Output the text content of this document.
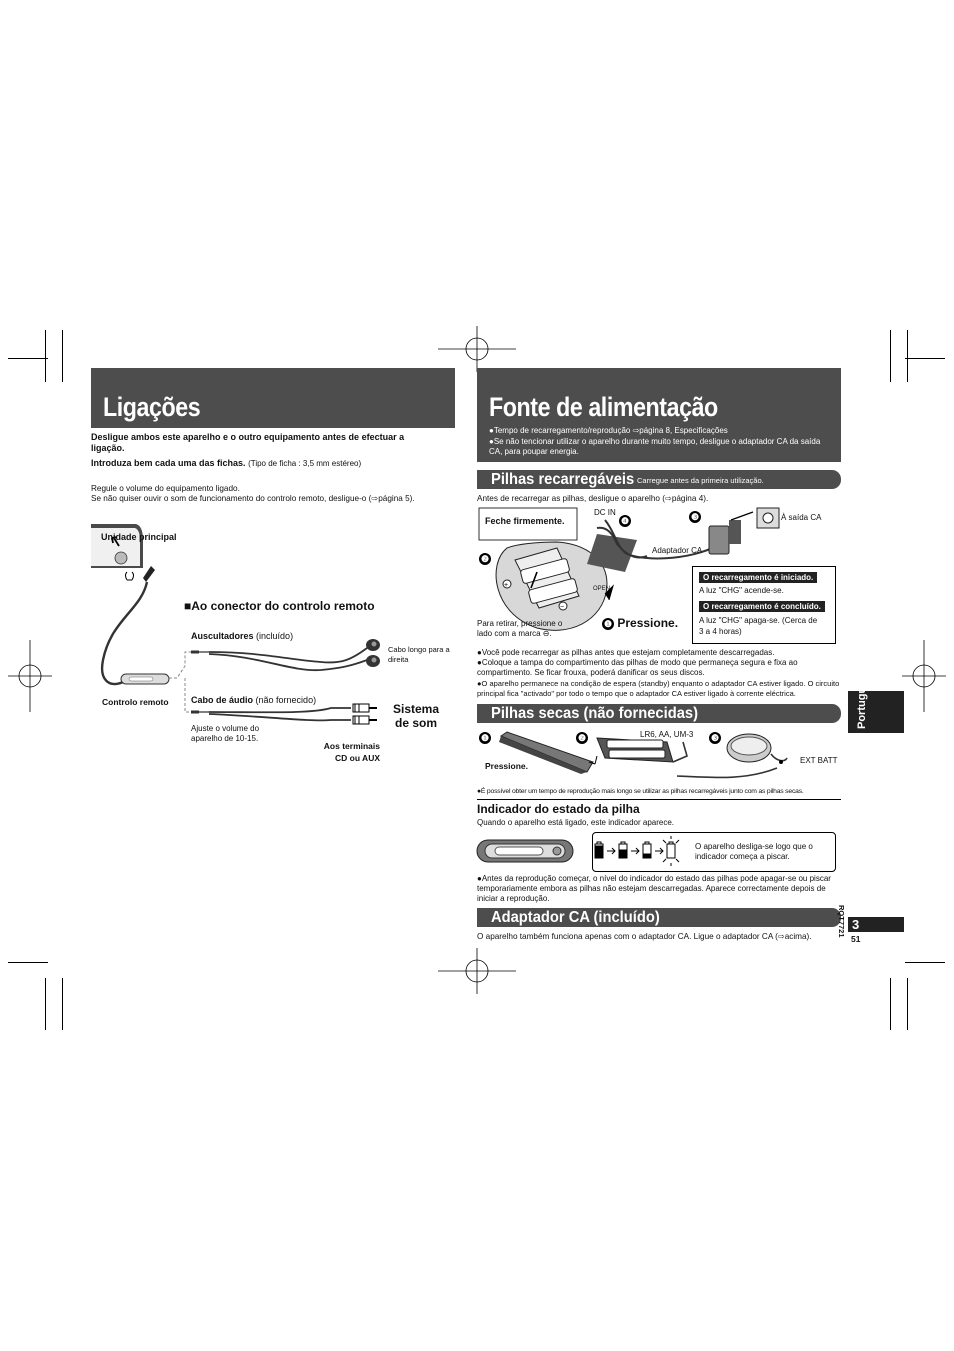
Ligações
Desligue ambos este aparelho e o outro equipamento antes de efectuar a ligação.
Introduza bem cada uma das fichas. (Tipo de ficha : 3,5 mm estéreo)
Regule o volume do equipamento ligado.
Se não quiser ouvir o som de funcionamento do controlo remoto, desligue-o (⇨página 5).
Unidade principal
■Ao conector do controlo remoto
Auscultadores (incluído)
Cabo longo para a direita
Controlo remoto Cabo de áudio (não fornecido)
Sistema de som
Ajuste o volume do aparelho de 10-15.
Aos terminais CD ou AUX
Fonte de alimentação
●Tempo de recarregamento/reprodução ⇨página 8, Especificações
●Se não tencionar utilizar o aparelho durante muito tempo, desligue o adaptador CA da saída CA, para poupar energia.
Pilhas recarregáveis Carregue antes da primeira utilização.
Antes de recarregar as pilhas, desligue o aparelho (⇨página 4).
+
−
Feche firmemente.
DC IN
❹
Adaptador CA
❸	À saída CA
❷
OPEN
❶ Pressione.
Para retirar, pressione o lado com a marca ⊖.
O recarregamento é iniciado.
A luz "CHG" acende-se.
O recarregamento é concluído.
A luz "CHG" apaga-se. (Cerca de 3 a 4 horas)
●Você pode recarregar as pilhas antes que estejam completamente descarregadas.
●Coloque a tampa do compartimento das pilhas de modo que permaneça segura e fixa ao compartimento. Se ficar frouxa, poderá danificar os seus discos.
●O aparelho permanece na condição de espera (standby) enquanto o adaptador CA estiver ligado. O circuito principal fica "activado" por todo o tempo que o adaptador CA estiver ligado à corrente eléctrica.
Pilhas secas (não fornecidas)
❶	❷	LR6, AA, UM-3 ❸
Pressione.
EXT BATT
●É possível obter um tempo de reprodução mais longo se utilizar as pilhas recarregáveis junto com as pilhas secas.
Indicador do estado da pilha
Quando o aparelho está ligado, este indicador aparece.
O aparelho desliga-se logo que o indicador começa a piscar.
●Antes da reprodução começar, o nível do indicador do estado das pilhas pode apagar-se ou piscar temporariamente embora as pilhas não estejam descarregadas. Aparece correctamente depois de iniciar a reprodução.
Adaptador CA (incluído)
O aparelho também funciona apenas com o adaptador CA. Ligue o adaptador CA (⇨acima).
Português
RQT7721 3
51
